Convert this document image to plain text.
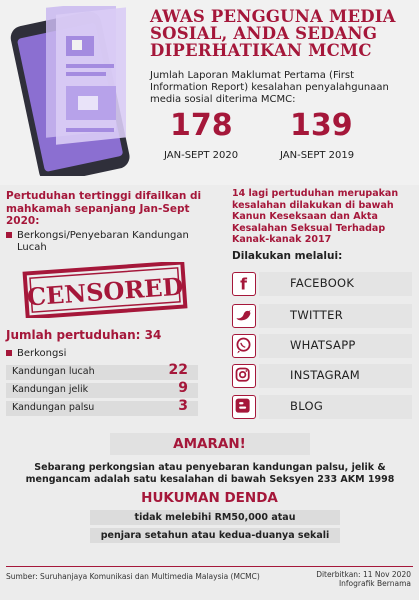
AWAS PENGGUNA MEDIA
SOSIAL, ANDA SEDANG
DIPERHATIKAN MCMC
Jumlah Laporan Maklumat Pertama (First
Information Report) kesalahan penyalahgunaan
media sosial diterima MCMC:
178 139
JAN-SEPT 2020	JAN-SEPT 2019
Pertuduhan tertinggi difailkan di
mahkamah sepanjang Jan-Sept
2020:
Berkongsi/Penyebaran Kandungan
Lucah
CENSORED
Jumlah pertuduhan: 34
Berkongsi
Kandungan lucah	22
Kandungan jelik	9
Kandungan palsu	3
14 lagi pertuduhan merupakan
kesalahan dilakukan di bawah
Kanun Keseksaan dan Akta
Kesalahan Seksual Terhadap
Kanak-kanak 2017
Dilakukan melalui:
f	FACEBOOK
TWITTER
WHATSAPP
INSTAGRAM
BLOG
AMARAN!
Sebarang perkongsian atau penyebaran kandungan palsu, jelik &
mengancam adalah satu kesalahan di bawah Seksyen 233 AKM 1998
HUKUMAN DENDA
tidak melebihi RM50,000 atau
penjara setahun atau kedua-duanya sekali
Sumber: Suruhanjaya Komunikasi dan Multimedia Malaysia (MCMC)	Diterbitkan: 11 Nov 2020
Infografik Bernama
